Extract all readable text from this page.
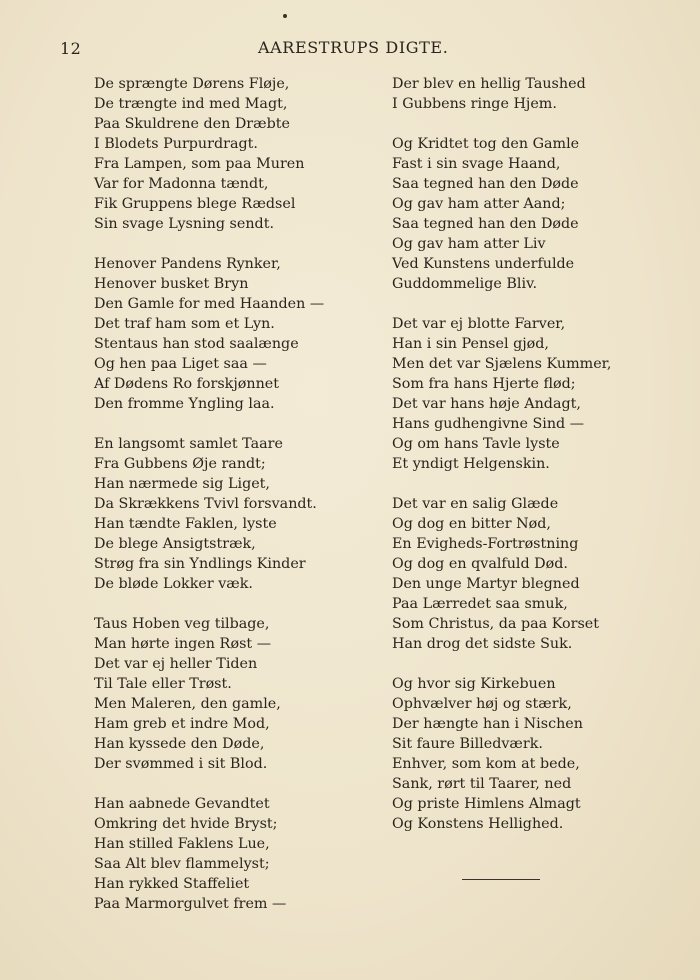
12	AARESTRUPS DIGTE.
De sprængte Dørens Fløje,
De trængte ind med Magt,
Paa Skuldrene den Dræbte
I Blodets Purpurdragt.
Fra Lampen, som paa Muren
Var for Madonna tændt,
Fik Gruppens blege Rædsel
Sin svage Lysning sendt.
Henover Pandens Rynker,
Henover busket Bryn
Den Gamle for med Haanden —
Det traf ham som et Lyn.
Stentaus han stod saalænge
Og hen paa Liget saa —
Af Dødens Ro forskjønnet
Den fromme Yngling laa.
En langsomt samlet Taare
Fra Gubbens Øje randt;
Han nærmede sig Liget,
Da Skrækkens Tvivl forsvandt.
Han tændte Faklen, lyste
De blege Ansigtstræk,
Strøg fra sin Yndlings Kinder
De bløde Lokker væk.
Taus Hoben veg tilbage,
Man hørte ingen Røst —
Det var ej heller Tiden
Til Tale eller Trøst.
Men Maleren, den gamle,
Ham greb et indre Mod,
Han kyssede den Døde,
Der svømmed i sit Blod.
Han aabnede Gevandtet
Omkring det hvide Bryst;
Han stilled Faklens Lue,
Saa Alt blev flammelyst;
Han rykked Staffeliet
Paa Marmorgulvet frem —
Der blev en hellig Taushed
I Gubbens ringe Hjem.
Og Kridtet tog den Gamle
Fast i sin svage Haand,
Saa tegned han den Døde
Og gav ham atter Aand;
Saa tegned han den Døde
Og gav ham atter Liv
Ved Kunstens underfulde
Guddommelige Bliv.
Det var ej blotte Farver,
Han i sin Pensel gjød,
Men det var Sjælens Kummer,
Som fra hans Hjerte flød;
Det var hans høje Andagt,
Hans gudhengivne Sind —
Og om hans Tavle lyste
Et yndigt Helgenskin.
Det var en salig Glæde
Og dog en bitter Nød,
En Evigheds-Fortrøstning
Og dog en qvalfuld Død.
Den unge Martyr blegned
Paa Lærredet saa smuk,
Som Christus, da paa Korset
Han drog det sidste Suk.
Og hvor sig Kirkebuen
Ophvælver høj og stærk,
Der hængte han i Nischen
Sit faure Billedværk.
Enhver, som kom at bede,
Sank, rørt til Taarer, ned
Og priste Himlens Almagt
Og Konstens Hellighed.
